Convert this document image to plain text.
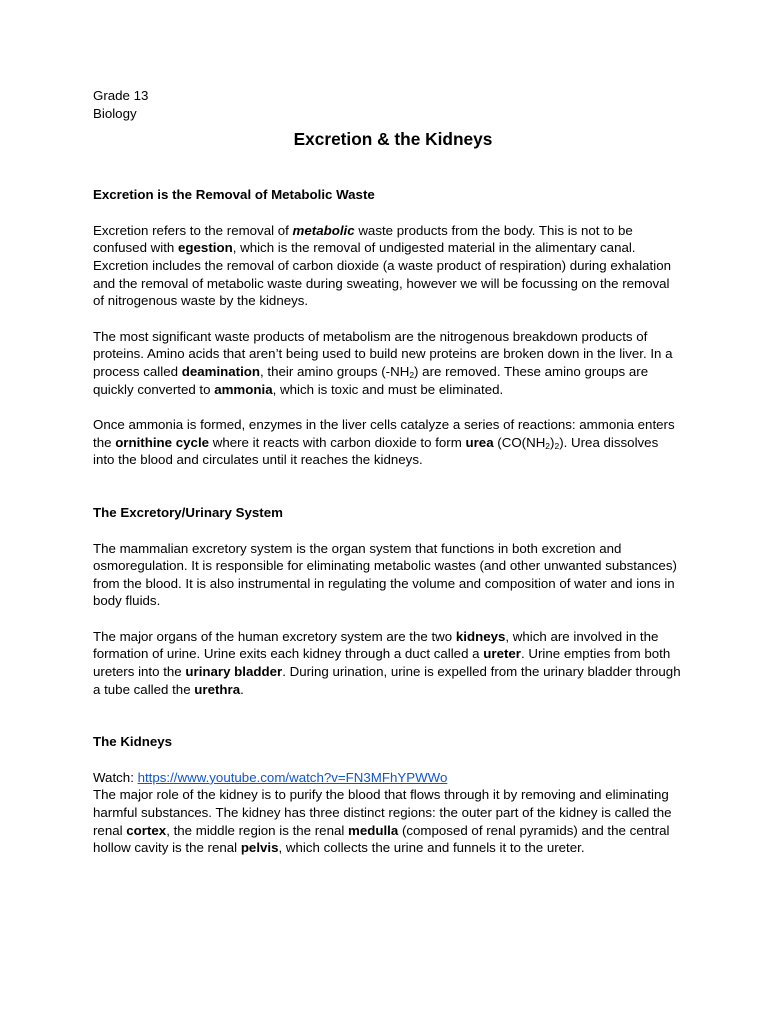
Grade 13

Biology

Excretion & the Kidneys
Excretion is the Removal of Metabolic Waste

Excretion refers to the removal of metabolic waste products from the body. This is not to be confused with egestion, which is the removal of undigested material in the alimentary canal. Excretion includes the removal of carbon dioxide (a waste product of respiration) during exhalation and the removal of metabolic waste during sweating, however we will be focussing on the removal of nitrogenous waste by the kidneys.

The most significant waste products of metabolism are the nitrogenous breakdown products of proteins. Amino acids that aren’t being used to build new proteins are broken down in the liver. In a process called deamination, their amino groups $(-NH_2)$ are removed. These amino groups are quickly converted to ammonia, which is toxic and must be eliminated.

Once ammonia is formed, enzymes in the liver cells catalyze a series of reactions: ammonia enters the ornithine cycle where it reacts with carbon dioxide to form urea $(CO(NH_2)_2)$. Urea dissolves into the blood and circulates until it reaches the kidneys.

The Excretory/Urinary System

The mammalian excretory system is the organ system that functions in both excretion and osmoregulation. It is responsible for eliminating metabolic wastes (and other unwanted substances) from the blood. It is also instrumental in regulating the volume and composition of water and ions in body fluids.

The major organs of the human excretory system are the two kidneys, which are involved in the formation of urine. Urine exits each kidney through a duct called a ureter. Urine empties from both ureters into the urinary bladder. During urination, urine is expelled from the urinary bladder through a tube called the urethra.

The Kidneys

Watch: https://www.youtube.com/watch?v=FN3MFhYPWWo

The major role of the kidney is to purify the blood that flows through it by removing and eliminating harmful substances. The kidney has three distinct regions: the outer part of the kidney is called the renal cortex, the middle region is the renal medulla (composed of renal pyramids) and the central hollow cavity is the renal pelvis, which collects the urine and funnels it to the ureter.
